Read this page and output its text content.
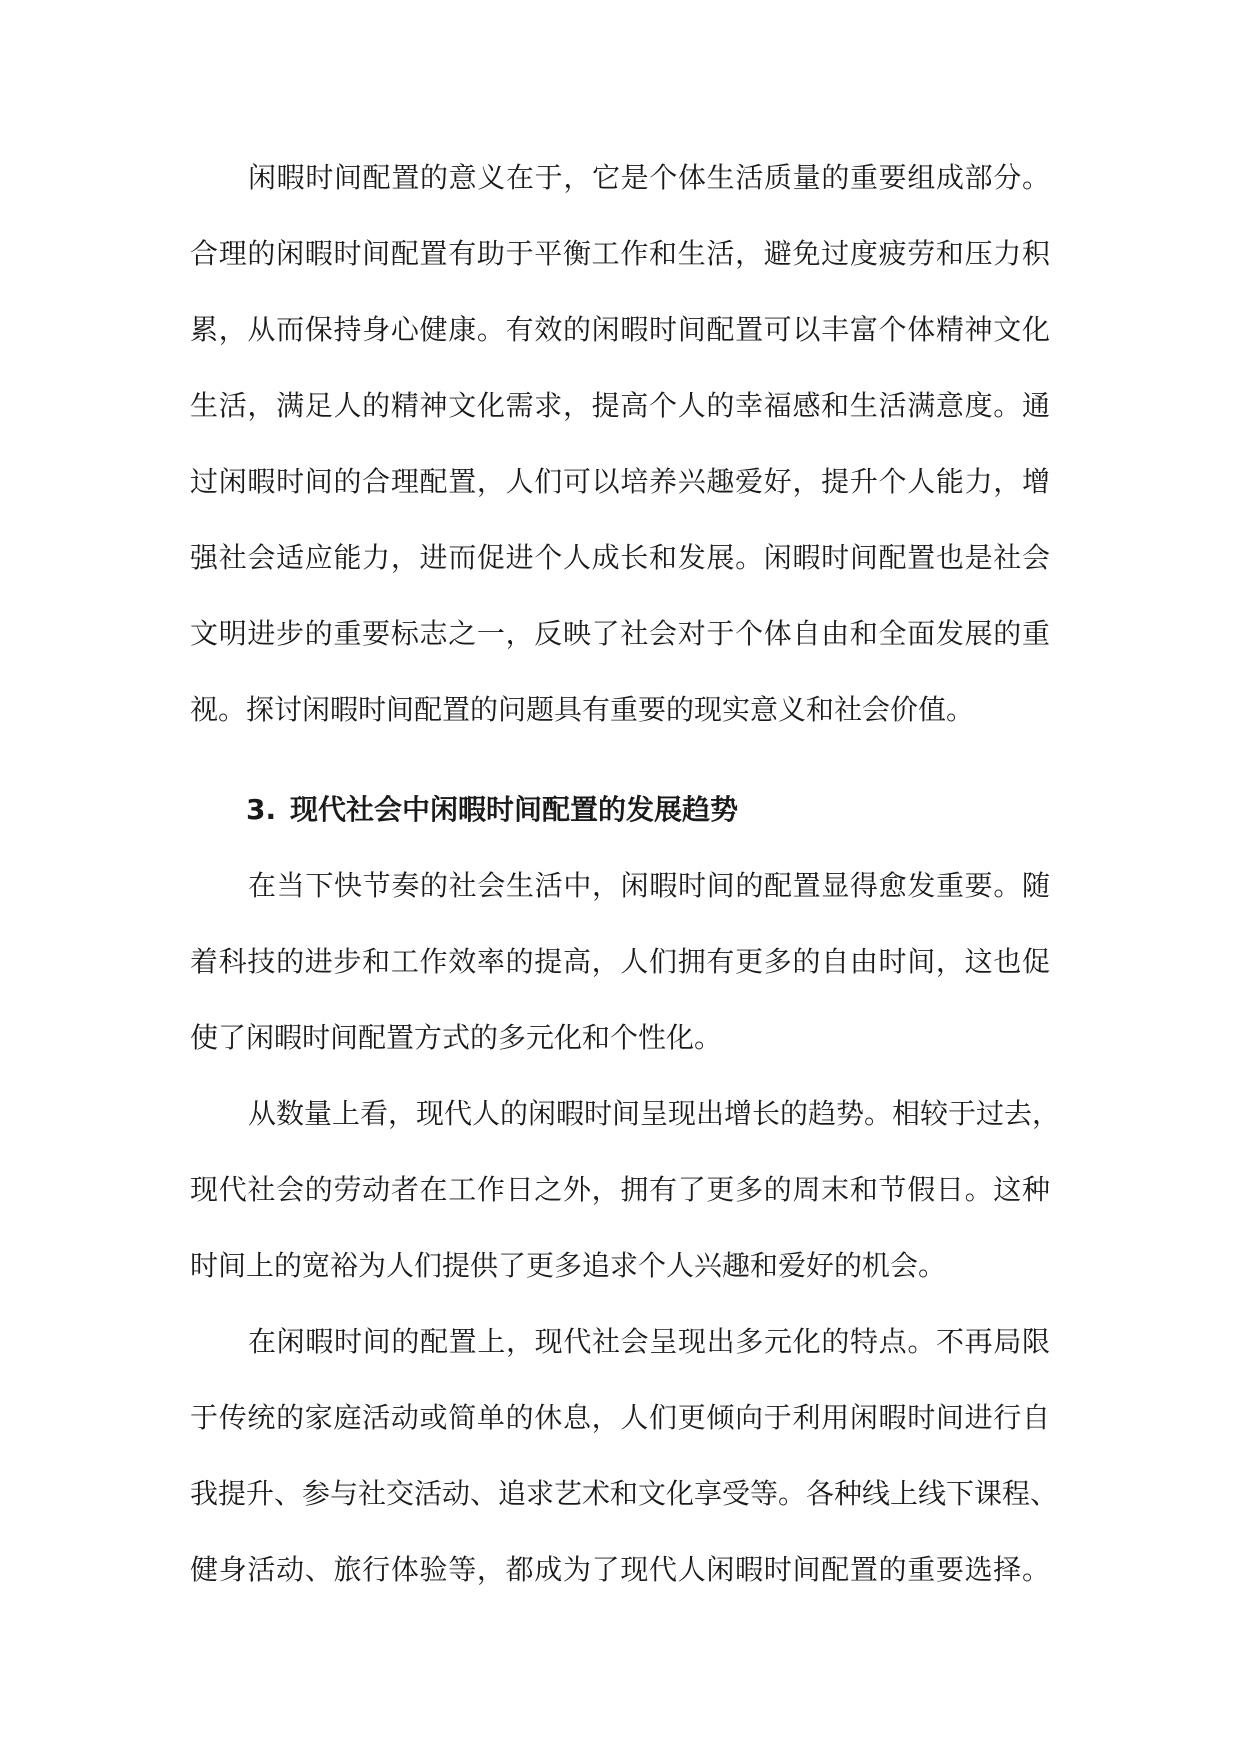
闲暇时间配置的意义在于，它是个体生活质量的重要组成部分。
合理的闲暇时间配置有助于平衡工作和生活，避免过度疲劳和压力积
累，从而保持身心健康。有效的闲暇时间配置可以丰富个体精神文化
生活，满足人的精神文化需求，提高个人的幸福感和生活满意度。通
过闲暇时间的合理配置，人们可以培养兴趣爱好，提升个人能力，增
强社会适应能力，进而促进个人成长和发展。闲暇时间配置也是社会
文明进步的重要标志之一，反映了社会对于个体自由和全面发展的重
视。探讨闲暇时间配置的问题具有重要的现实意义和社会价值。
3. 现代社会中闲暇时间配置的发展趋势
在当下快节奏的社会生活中，闲暇时间的配置显得愈发重要。随
着科技的进步和工作效率的提高，人们拥有更多的自由时间，这也促
使了闲暇时间配置方式的多元化和个性化。
从数量上看，现代人的闲暇时间呈现出增长的趋势。相较于过去，
现代社会的劳动者在工作日之外，拥有了更多的周末和节假日。这种
时间上的宽裕为人们提供了更多追求个人兴趣和爱好的机会。
在闲暇时间的配置上，现代社会呈现出多元化的特点。不再局限
于传统的家庭活动或简单的休息，人们更倾向于利用闲暇时间进行自
我提升、参与社交活动、追求艺术和文化享受等。各种线上线下课程、
健身活动、旅行体验等，都成为了现代人闲暇时间配置的重要选择。
